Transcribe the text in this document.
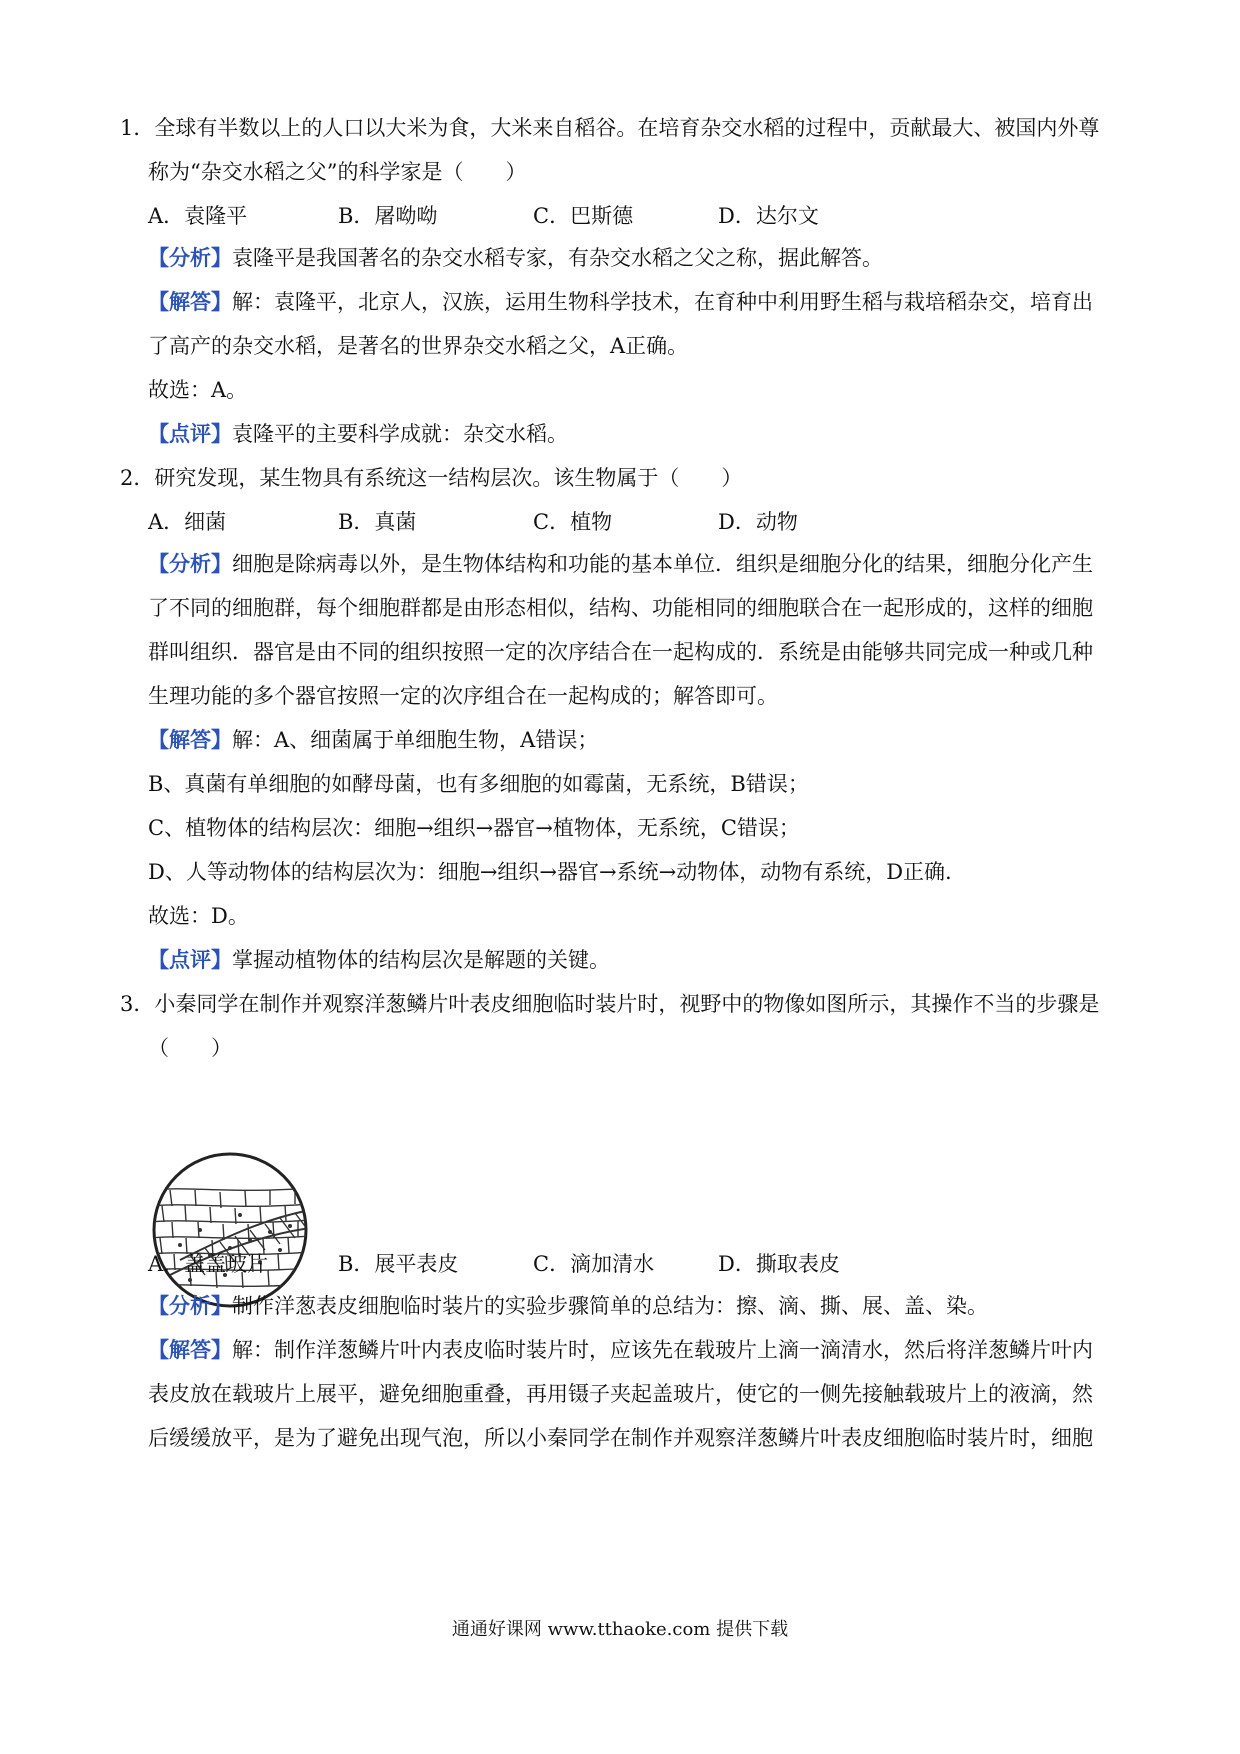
1．全球有半数以上的人口以大米为食，大米来自稻谷。在培育杂交水稻的过程中，贡献最大、被国内外尊
称为“杂交水稻之父”的科学家是（　　）
A．袁隆平	B．屠呦呦	C．巴斯德	D．达尔文
【分析】袁隆平是我国著名的杂交水稻专家，有杂交水稻之父之称，据此解答。
【解答】解：袁隆平，北京人，汉族，运用生物科学技术，在育种中利用野生稻与栽培稻杂交，培育出
了高产的杂交水稻，是著名的世界杂交水稻之父，A正确。
故选：A。
【点评】袁隆平的主要科学成就：杂交水稻。
2．研究发现，某生物具有系统这一结构层次。该生物属于（　　）
A．细菌	B．真菌	C．植物	D．动物
【分析】细胞是除病毒以外，是生物体结构和功能的基本单位．组织是细胞分化的结果，细胞分化产生
了不同的细胞群，每个细胞群都是由形态相似，结构、功能相同的细胞联合在一起形成的，这样的细胞
群叫组织．器官是由不同的组织按照一定的次序结合在一起构成的．系统是由能够共同完成一种或几种
生理功能的多个器官按照一定的次序组合在一起构成的；解答即可。
【解答】解：A、细菌属于单细胞生物，A错误；
B、真菌有单细胞的如酵母菌，也有多细胞的如霉菌，无系统，B错误；
C、植物体的结构层次：细胞→组织→器官→植物体，无系统，C错误；
D、人等动物体的结构层次为：细胞→组织→器官→系统→动物体，动物有系统，D正确.
故选：D。
【点评】掌握动植物体的结构层次是解题的关键。
3．小秦同学在制作并观察洋葱鳞片叶表皮细胞临时装片时，视野中的物像如图所示，其操作不当的步骤是
（　　）
A．盖盖玻片	B．展平表皮	C．滴加清水	D．撕取表皮
【分析】制作洋葱表皮细胞临时装片的实验步骤简单的总结为：擦、滴、撕、展、盖、染。
【解答】解：制作洋葱鳞片叶内表皮临时装片时，应该先在载玻片上滴一滴清水，然后将洋葱鳞片叶内
表皮放在载玻片上展平，避免细胞重叠，再用镊子夹起盖玻片，使它的一侧先接触载玻片上的液滴，然
后缓缓放平，是为了避免出现气泡，所以小秦同学在制作并观察洋葱鳞片叶表皮细胞临时装片时，细胞
通通好课网 www.tthaoke.com 提供下载
